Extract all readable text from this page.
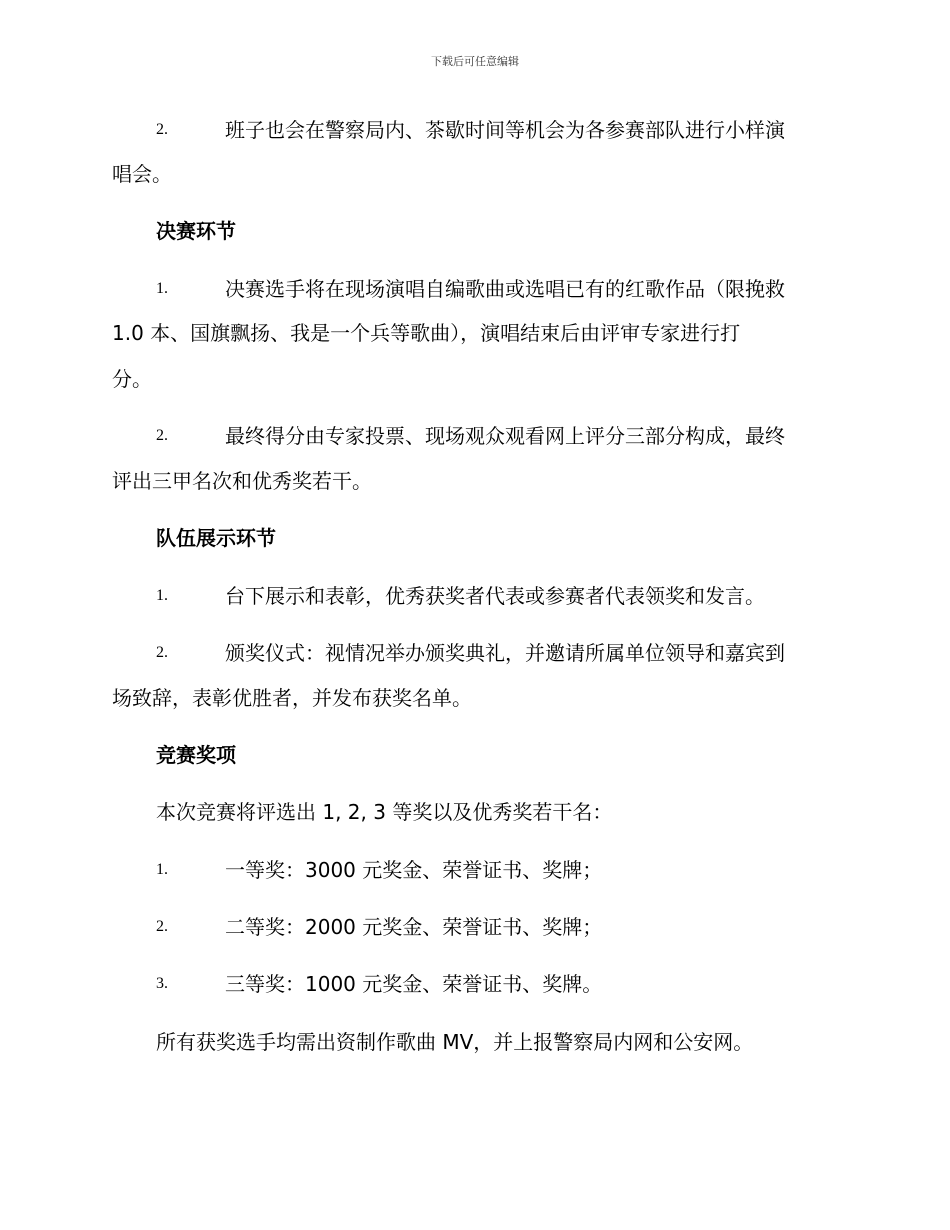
下载后可任意编辑
2.	班子也会在警察局内、茶歇时间等机会为各参赛部队进行小样演
唱会。
决赛环节
1.	决赛选手将在现场演唱自编歌曲或选唱已有的红歌作品（限挽救
1.0 本、国旗飘扬、我是一个兵等歌曲），演唱结束后由评审专家进行打
分。
2.	最终得分由专家投票、现场观众观看网上评分三部分构成，最终
评出三甲名次和优秀奖若干。
队伍展示环节
1.	台下展示和表彰，优秀获奖者代表或参赛者代表领奖和发言。
2.	颁奖仪式：视情况举办颁奖典礼，并邀请所属单位领导和嘉宾到
场致辞，表彰优胜者，并发布获奖名单。
竞赛奖项
本次竞赛将评选出 1, 2, 3 等奖以及优秀奖若干名：
1.	一等奖：3000 元奖金、荣誉证书、奖牌；
2.	二等奖：2000 元奖金、荣誉证书、奖牌；
3.	三等奖：1000 元奖金、荣誉证书、奖牌。
所有获奖选手均需出资制作歌曲 MV，并上报警察局内网和公安网。
